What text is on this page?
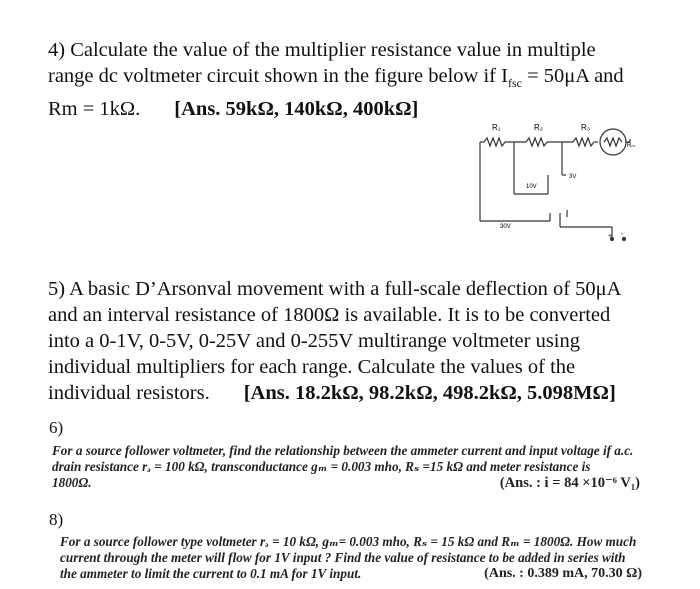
4) Calculate the value of the multiplier resistance value in multiple
range dc voltmeter circuit shown in the figure below if $I_{fsc} = 50\mu A$ and
Rm = 1kΩ. [Ans. 59kΩ, 140kΩ, 400kΩ]
R₁	R₂	R₃
Rₘ
3V
10V
30V
+ -
5) A basic D’Arsonval movement with a full-scale deflection of 50μA
and an interval resistance of 1800Ω is available. It is to be converted
into a 0-1V, 0-5V, 0-25V and 0-255V multirange voltmeter using
individual multipliers for each range. Calculate the values of the
individual resistors. [Ans. 18.2kΩ, 98.2kΩ, 498.2kΩ, 5.098MΩ]
6)
For a source follower voltmeter, find the relationship between the ammeter current and input voltage if a.c.
drain resistance rₔ = 100 kΩ, transconductance gₘ = 0.003 mho, Rₛ =15 kΩ and meter resistance is
1800Ω.	(Ans. : i = 84 ×10⁻⁶ V₁)
8)
For a source follower type voltmeter rₔ = 10 kΩ, gₘ= 0.003 mho, Rₛ = 15 kΩ and Rₘ = 1800Ω. How much
current through the meter will flow for 1V input ? Find the value of resistance to be added in series with
the ammeter to limit the current to 0.1 mA for 1V input.	(Ans. : 0.389 mA, 70.30 Ω)
